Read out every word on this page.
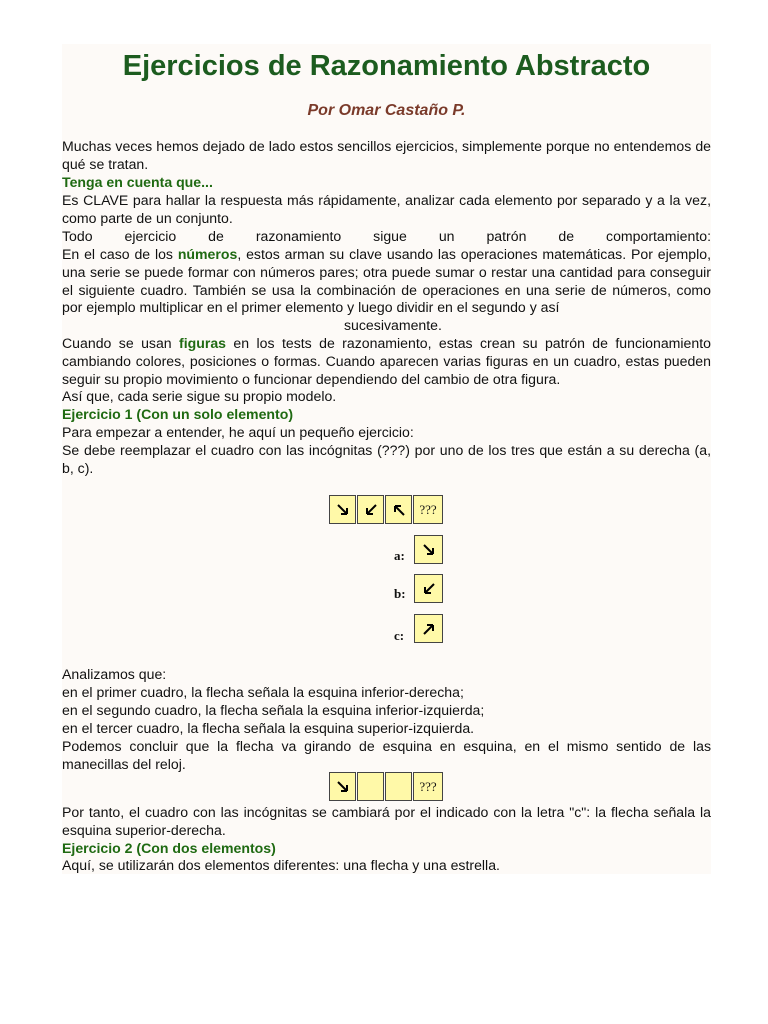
Ejercicios de Razonamiento Abstracto
Por Omar Castaño P.
Muchas veces hemos dejado de lado estos sencillos ejercicios, simplemente porque no entendemos de qué se tratan.
Tenga en cuenta que...
Es CLAVE para hallar la respuesta más rápidamente, analizar cada elemento por separado y a la vez, como parte de un conjunto.
Todo ejercicio de razonamiento sigue un patrón de comportamiento:
En el caso de los números, estos arman su clave usando las operaciones matemáticas. Por ejemplo, una serie se puede formar con números pares; otra puede sumar o restar una cantidad para conseguir el siguiente cuadro. También se usa la combinación de operaciones en una serie de números, como por ejemplo multiplicar en el primer elemento y luego dividir en el segundo y así
sucesivamente.
Cuando se usan figuras en los tests de razonamiento, estas crean su patrón de funcionamiento cambiando colores, posiciones o formas. Cuando aparecen varias figuras en un cuadro, estas pueden seguir su propio movimiento o funcionar dependiendo del cambio de otra figura.
Así que, cada serie sigue su propio modelo.
Ejercicio 1 (Con un solo elemento)
Para empezar a entender, he aquí un pequeño ejercicio:
Se debe reemplazar el cuadro con las incógnitas (???) por uno de los tres que están a su derecha (a, b, c).
???
a:
b:
c:
Analizamos que:
en el primer cuadro, la flecha señala la esquina inferior-derecha;
en el segundo cuadro, la flecha señala la esquina inferior-izquierda;
en el tercer cuadro, la flecha señala la esquina superior-izquierda.
Podemos concluir que la flecha va girando de esquina en esquina, en el mismo sentido de las manecillas del reloj.
???
Por tanto, el cuadro con las incógnitas se cambiará por el indicado con la letra "c": la flecha señala la esquina superior-derecha.
Ejercicio 2 (Con dos elementos)
Aquí, se utilizarán dos elementos diferentes: una flecha y una estrella.
